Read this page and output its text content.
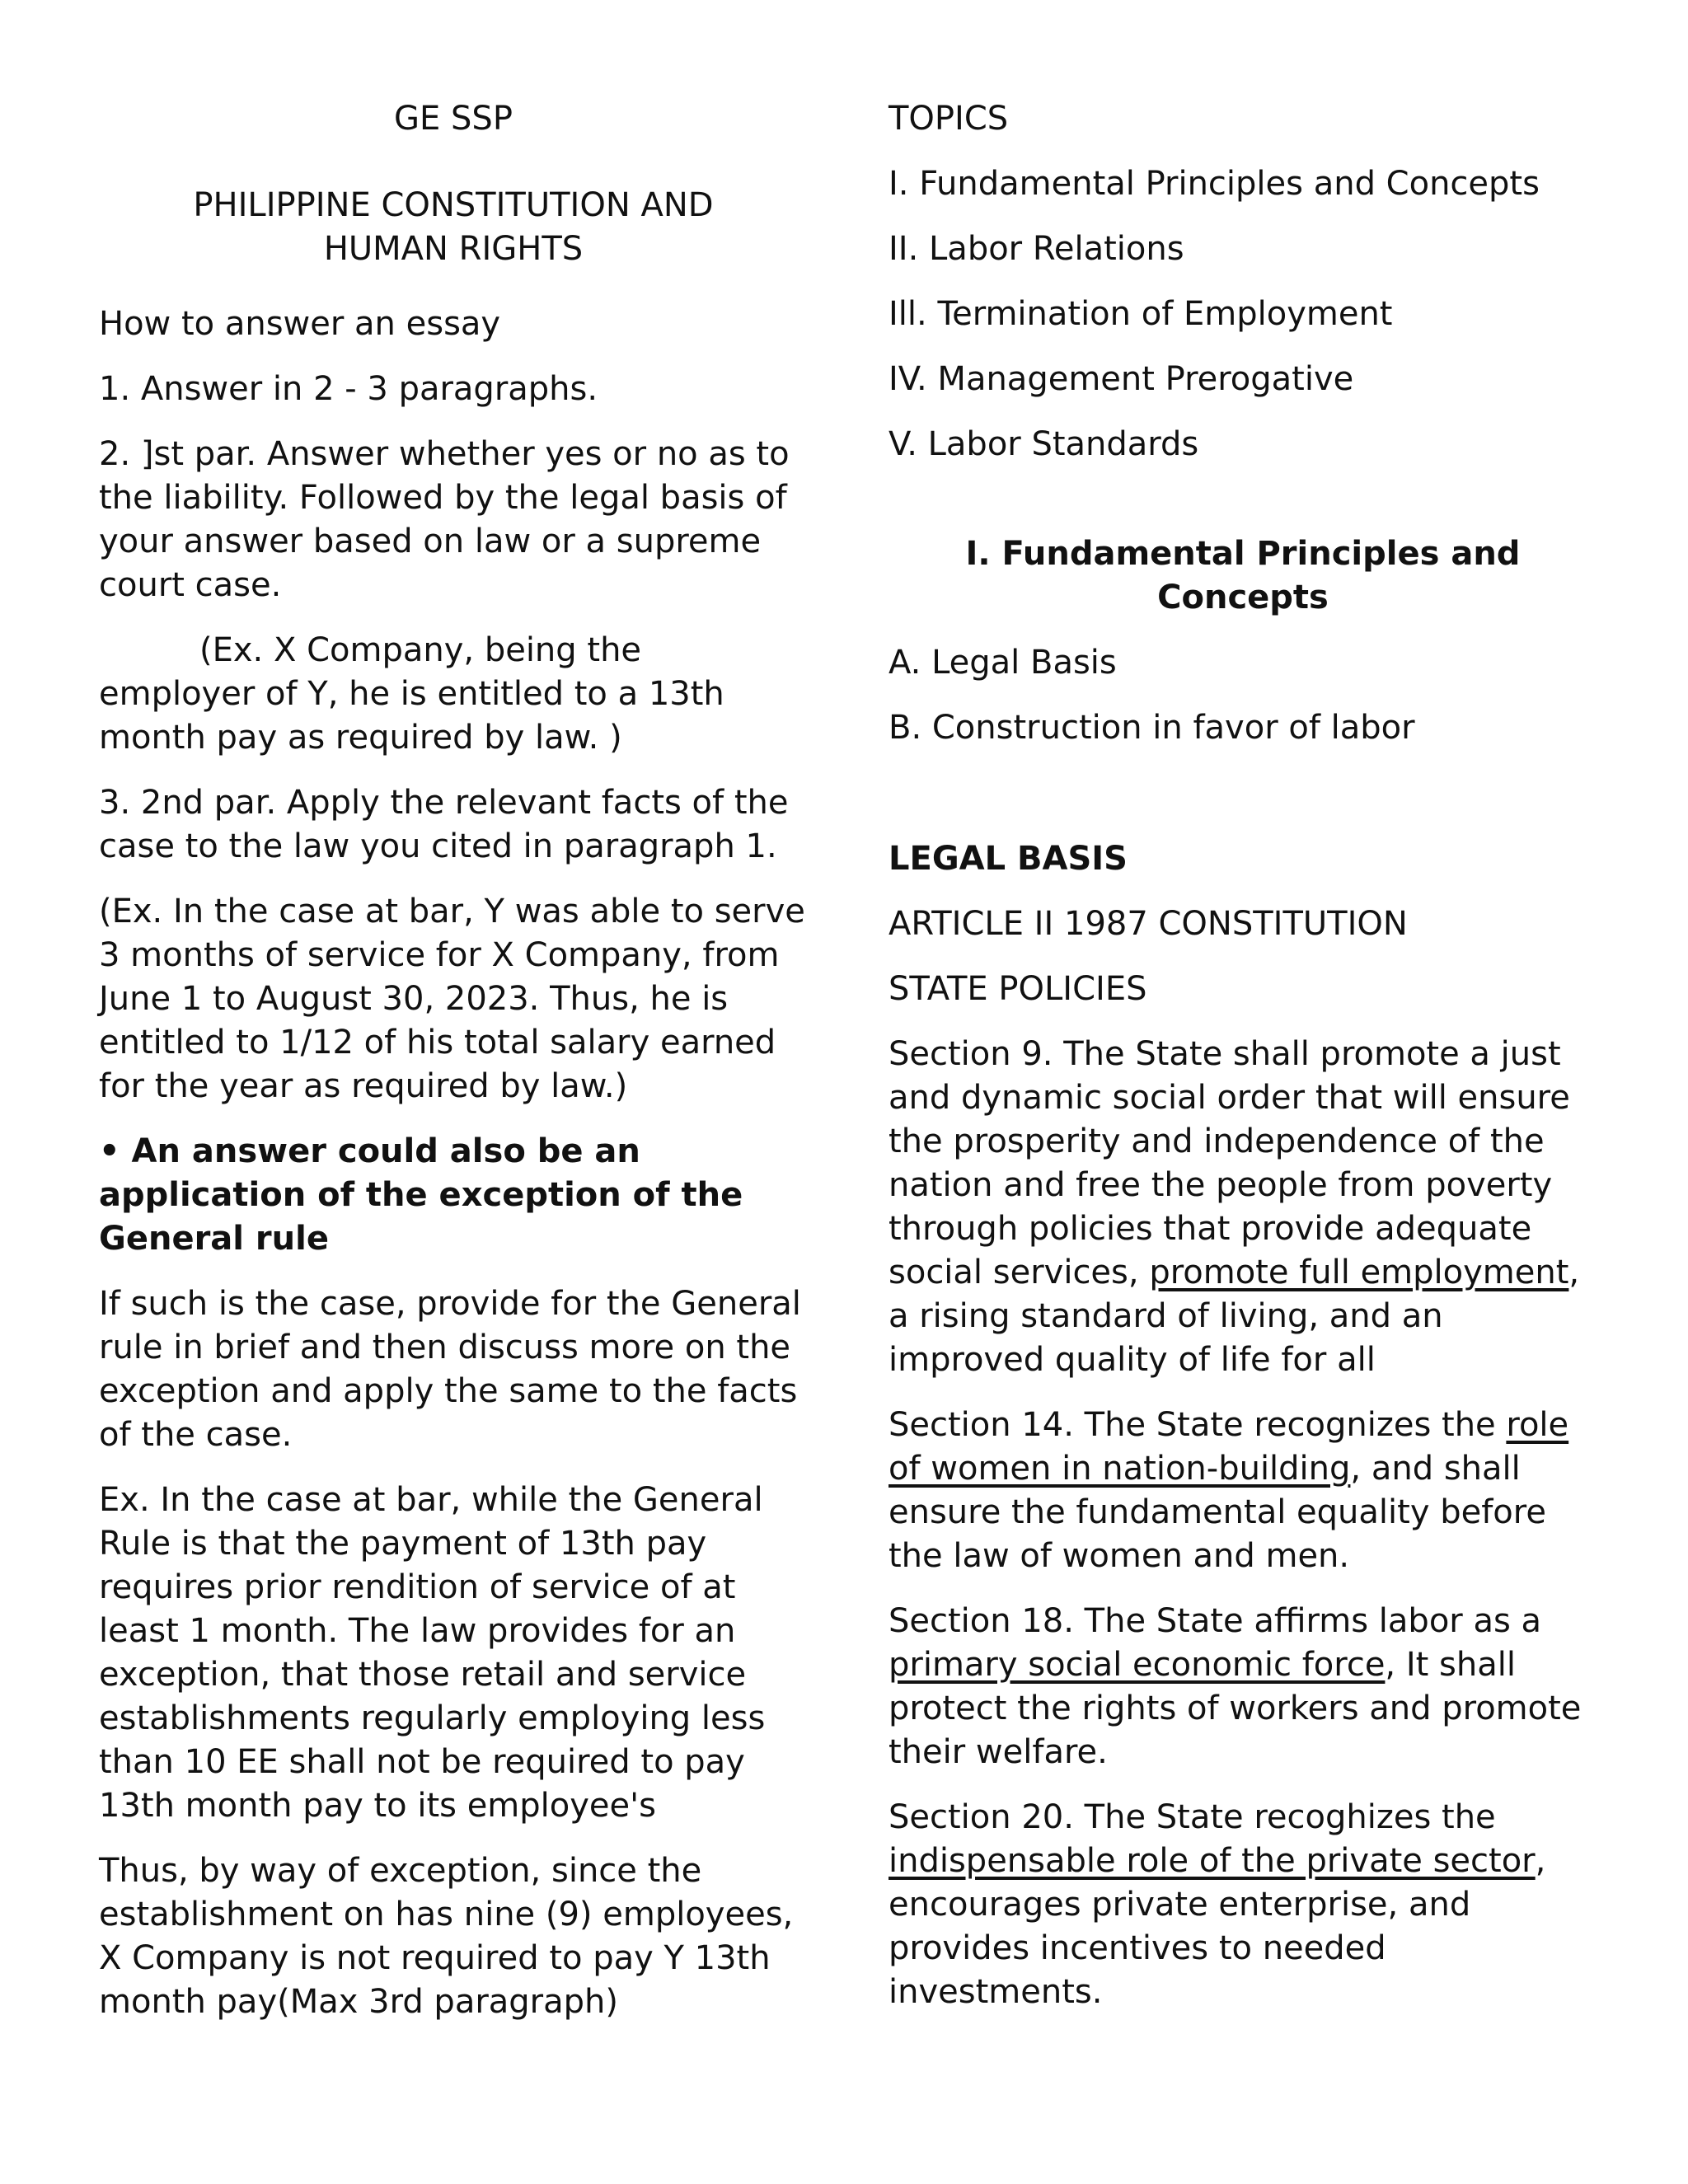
GE SSP

PHILIPPINE CONSTITUTION AND
HUMAN RIGHTS

How to answer an essay

1. Answer in 2 - 3 paragraphs.

2. ]st par. Answer whether yes or no as to the liability. Followed by the legal basis of your answer based on law or a supreme court case.

(Ex. X Company, being the employer of Y, he is entitled to a 13th month pay as required by law. )

3. 2nd par. Apply the relevant facts of the case to the law you cited in paragraph 1.

(Ex. In the case at bar, Y was able to serve 3 months of service for X Company, from June 1 to August 30, 2023. Thus, he is entitled to 1/12 of his total salary earned for the year as required by law.)

• An answer could also be an application of the exception of the General rule

If such is the case, provide for the General rule in brief and then discuss more on the exception and apply the same to the facts of the case.

Ex. In the case at bar, while the General Rule is that the payment of 13th pay requires prior rendition of service of at least 1 month. The law provides for an exception, that those retail and service establishments regularly employing less than 10 EE shall not be required to pay 13th month pay to its employee's

Thus, by way of exception, since the establishment on has nine (9) employees, X Company is not required to pay Y 13th month pay(Max 3rd paragraph)

TOPICS

I. Fundamental Principles and Concepts

II. Labor Relations

Ill. Termination of Employment

IV. Management Prerogative

V. Labor Standards

I. Fundamental Principles and Concepts

A. Legal Basis

B. Construction in favor of labor

LEGAL BASIS

ARTICLE II 1987 CONSTITUTION

STATE POLICIES

Section 9. The State shall promote a just and dynamic social order that will ensure the prosperity and independence of the nation and free the people from poverty through policies that provide adequate social services, promote full employment, a rising standard of living, and an improved quality of life for all

Section 14. The State recognizes the role of women in nation-building, and shall ensure the fundamental equality before the law of women and men.

Section 18. The State affirms labor as a primary social economic force, It shall protect the rights of workers and promote their welfare.

Section 20. The State recoghizes the indispensable role of the private sector, encourages private enterprise, and provides incentives to needed investments.
